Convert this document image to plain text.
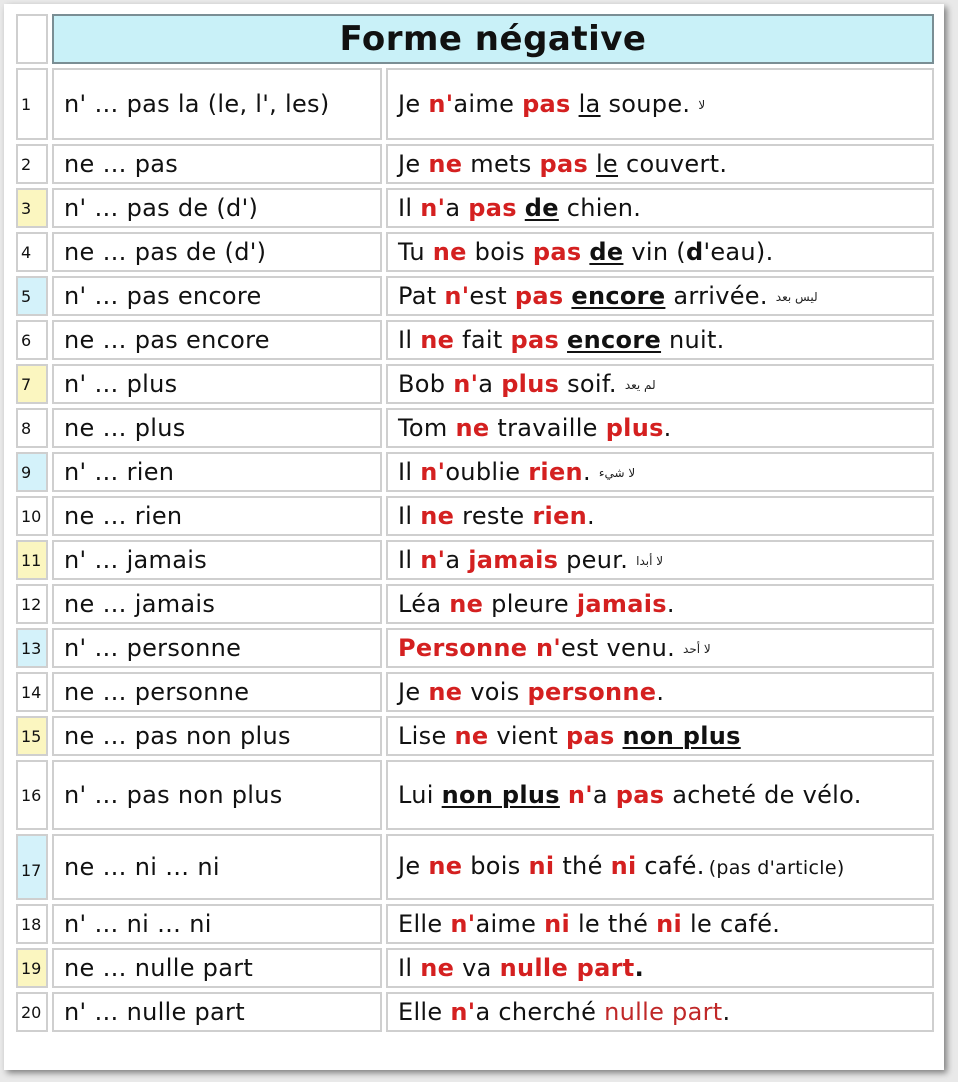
	Forme négative	
1	n' … pas la (le, l', les)	Je n'aime pas la soupe. لا
2	ne … pas	Je ne mets pas le couvert.
3	n' … pas de (d')	Il n'a pas de chien.
4	ne … pas de (d')	Tu ne bois pas de vin (d'eau).
5	n' … pas encore	Pat n'est pas encore arrivée. ليس بعد
6	ne … pas encore	Il ne fait pas encore nuit.
7	n' … plus	Bob n'a plus soif. لم يعد
8	ne … plus	Tom ne travaille plus.
9	n' … rien	Il n'oublie rien. لا شيء
10	ne … rien	Il ne reste rien.
11	n' … jamais	Il n'a jamais peur. لا أبدا
12	ne … jamais	Léa ne pleure jamais.
13	n' … personne	Personne n'est venu. لا أحد
14	ne … personne	Je ne vois personne.
15	ne … pas non plus	Lise ne vient pas non plus
16	n' … pas non plus	Lui non plus n'a pas acheté de vélo.
17	ne … ni … ni	Je ne bois ni thé ni café. (pas d'article)
18	n' … ni … ni	Elle n'aime ni le thé ni le café.
19	ne … nulle part	Il ne va nulle part.
20	n' … nulle part	Elle n'a cherché nulle part.
